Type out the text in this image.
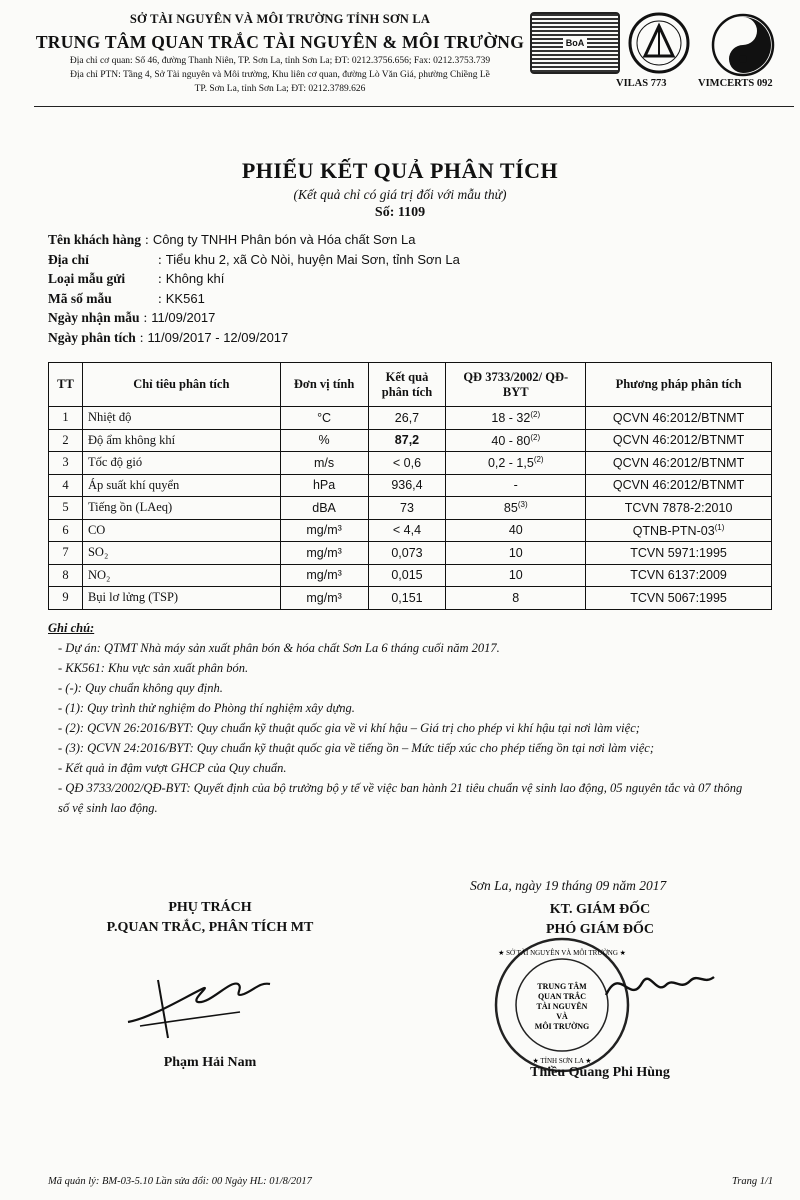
SỞ TÀI NGUYÊN VÀ MÔI TRƯỜNG TỈNH SƠN LA
TRUNG TÂM QUAN TRẮC TÀI NGUYÊN & MÔI TRƯỜNG
Địa chỉ cơ quan: Số 46, đường Thanh Niên, TP. Sơn La, tỉnh Sơn La; ĐT: 0212.3756.656; Fax: 0212.3753.739
Địa chỉ PTN: Tầng 4, Sở Tài nguyên và Môi trường, Khu liên cơ quan, đường Lò Văn Giá, phường Chiềng Lề
TP. Sơn La, tỉnh Sơn La; ĐT: 0212.3789.626
BoA
VILAS 773	VIMCERTS 092
PHIẾU KẾT QUẢ PHÂN TÍCH
(Kết quả chỉ có giá trị đối với mẫu thử)
Số: 1109
Tên khách hàng : Công ty TNHH Phân bón và Hóa chất Sơn La
Địa chỉ	: Tiểu khu 2, xã Cò Nòi, huyện Mai Sơn, tỉnh Sơn La
Loại mẫu gửi	: Không khí
Mã số mẫu	: KK561
Ngày nhận mẫu : 11/09/2017
Ngày phân tích : 11/09/2017 - 12/09/2017
TT	Chỉ tiêu phân tích	Đơn vị tính	Kết quả phân tích	QĐ 3733/2002/ QĐ-BYT	Phương pháp phân tích
1	Nhiệt độ	°C	26,7	18 - 32$^{(2)}$	QCVN 46:2012/BTNMT
2	Độ ẩm không khí	%	87,2	40 - 80$^{(2)}$	QCVN 46:2012/BTNMT
3	Tốc độ gió	m/s	< 0,6	0,2 - 1,5$^{(2)}$	QCVN 46:2012/BTNMT
4	Áp suất khí quyển	hPa	936,4	-	QCVN 46:2012/BTNMT
5	Tiếng ồn (LAeq)	dBA	73	85$^{(3)}$	TCVN 7878-2:2010
6	CO	mg/m³	< 4,4	40	QTNB-PTN-03$^{(1)}$
7	SO₂	mg/m³	0,073	10	TCVN 5971:1995
8	NO₂	mg/m³	0,015	10	TCVN 6137:2009
9	Bụi lơ lửng (TSP)	mg/m³	0,151	8	TCVN 5067:1995
Ghi chú:
- Dự án: QTMT Nhà máy sản xuất phân bón & hóa chất Sơn La 6 tháng cuối năm 2017.
- KK561: Khu vực sản xuất phân bón.
- (-): Quy chuẩn không quy định.
- (1): Quy trình thử nghiệm do Phòng thí nghiệm xây dựng.
- (2): QCVN 26:2016/BYT: Quy chuẩn kỹ thuật quốc gia về vi khí hậu – Giá trị cho phép vi khí hậu tại nơi làm việc;
- (3): QCVN 24:2016/BYT: Quy chuẩn kỹ thuật quốc gia về tiếng ồn – Mức tiếp xúc cho phép tiếng ồn tại nơi làm việc;
- Kết quả in đậm vượt GHCP của Quy chuẩn.
- QĐ 3733/2002/QĐ-BYT: Quyết định của bộ trưởng bộ y tế về việc ban hành 21 tiêu chuẩn vệ sinh lao động, 05 nguyên tắc và 07 thông số vệ sinh lao động.
Sơn La, ngày 19 tháng 09 năm 2017
PHỤ TRÁCH
P.QUAN TRẮC, PHÂN TÍCH MT
KT. GIÁM ĐỐC
PHÓ GIÁM ĐỐC
TRUNG TÂM
QUAN TRẮC
TÀI NGUYÊN
VÀ
MÔI TRƯỜNG
★ SỞ TÀI NGUYÊN VÀ MÔI TRƯỜNG ★
★ TỈNH SƠN LA ★
Phạm Hải Nam
Thiều Quang Phi Hùng
Mã quản lý: BM-03-5.10 Lần sửa đổi: 00 Ngày HL: 01/8/2017	Trang 1/1
